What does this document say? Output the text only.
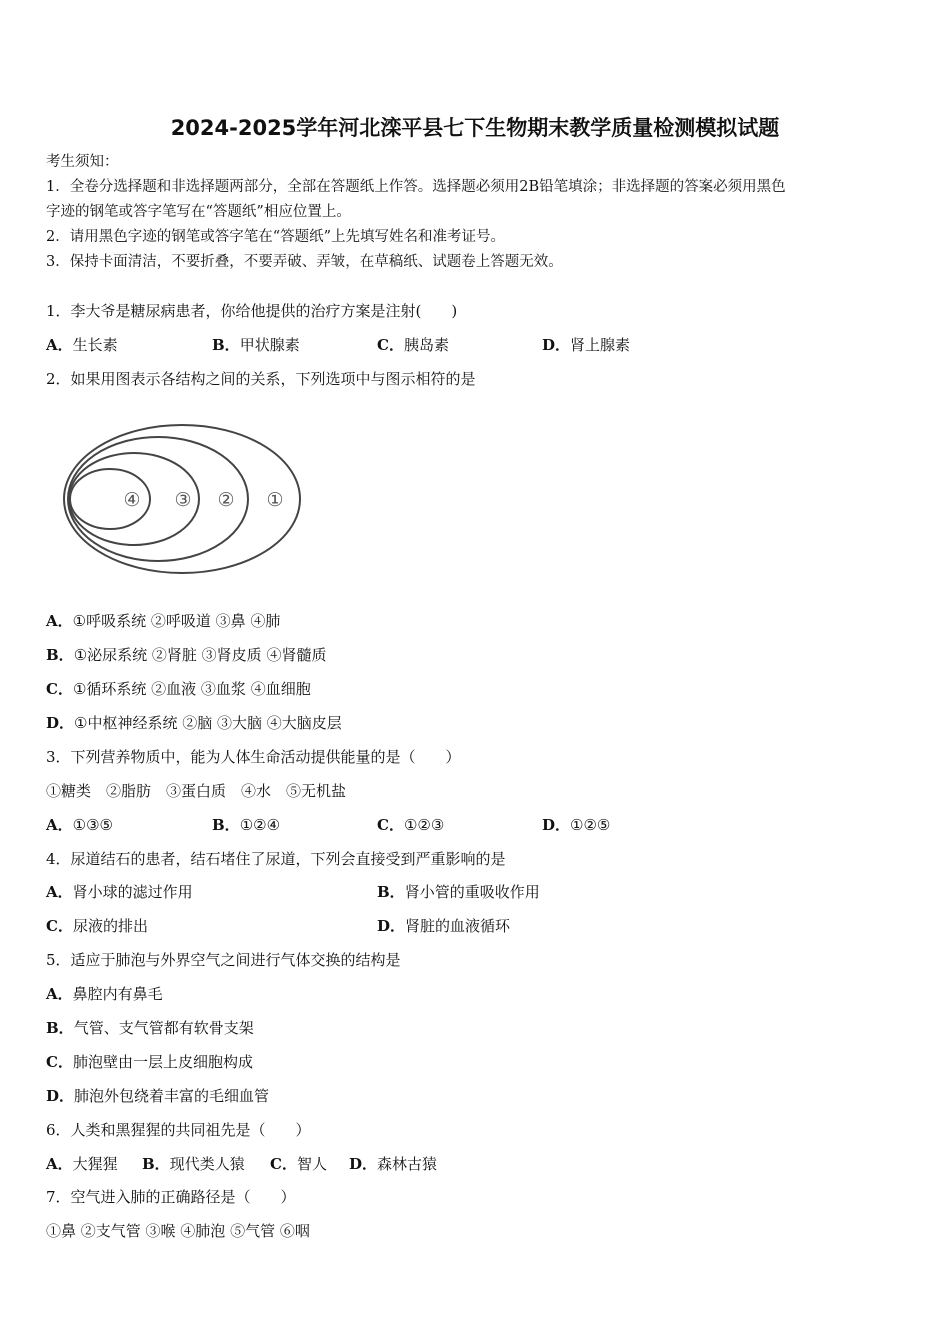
2024-2025学年河北滦平县七下生物期末教学质量检测模拟试题
考生须知：
1．全卷分选择题和非选择题两部分，全部在答题纸上作答。选择题必须用2B铅笔填涂；非选择题的答案必须用黑色
字迹的钢笔或答字笔写在“答题纸”相应位置上。
2．请用黑色字迹的钢笔或答字笔在“答题纸”上先填写姓名和准考证号。
3．保持卡面清洁，不要折叠，不要弄破、弄皱，在草稿纸、试题卷上答题无效。
1．李大爷是糖尿病患者，你给他提供的治疗方案是注射(　　)
A．生长素	B．甲状腺素	C．胰岛素	D．肾上腺素
2．如果用图表示各结构之间的关系，下列选项中与图示相符的是
④ ③ ② ①
A．①呼吸系统 ②呼吸道 ③鼻 ④肺
B．①泌尿系统 ②肾脏 ③肾皮质 ④肾髓质
C．①循环系统 ②血液 ③血浆 ④血细胞
D．①中枢神经系统 ②脑 ③大脑 ④大脑皮层
3．下列营养物质中，能为人体生命活动提供能量的是（　　）
①糖类　②脂肪　③蛋白质　④水　⑤无机盐
A．①③⑤	B．①②④	C．①②③	D．①②⑤
4．尿道结石的患者，结石堵住了尿道，下列会直接受到严重影响的是
A．肾小球的滤过作用	B．肾小管的重吸收作用
C．尿液的排出	D．肾脏的血液循环
5．适应于肺泡与外界空气之间进行气体交换的结构是
A．鼻腔内有鼻毛
B．气管、支气管都有软骨支架
C．肺泡壁由一层上皮细胞构成
D．肺泡外包绕着丰富的毛细血管
6．人类和黑猩猩的共同祖先是（　　）
A．大猩猩 B．现代类人猿 C．智人 D．森林古猿
7．空气进入肺的正确路径是（　　）
①鼻 ②支气管 ③喉 ④肺泡 ⑤气管 ⑥咽
